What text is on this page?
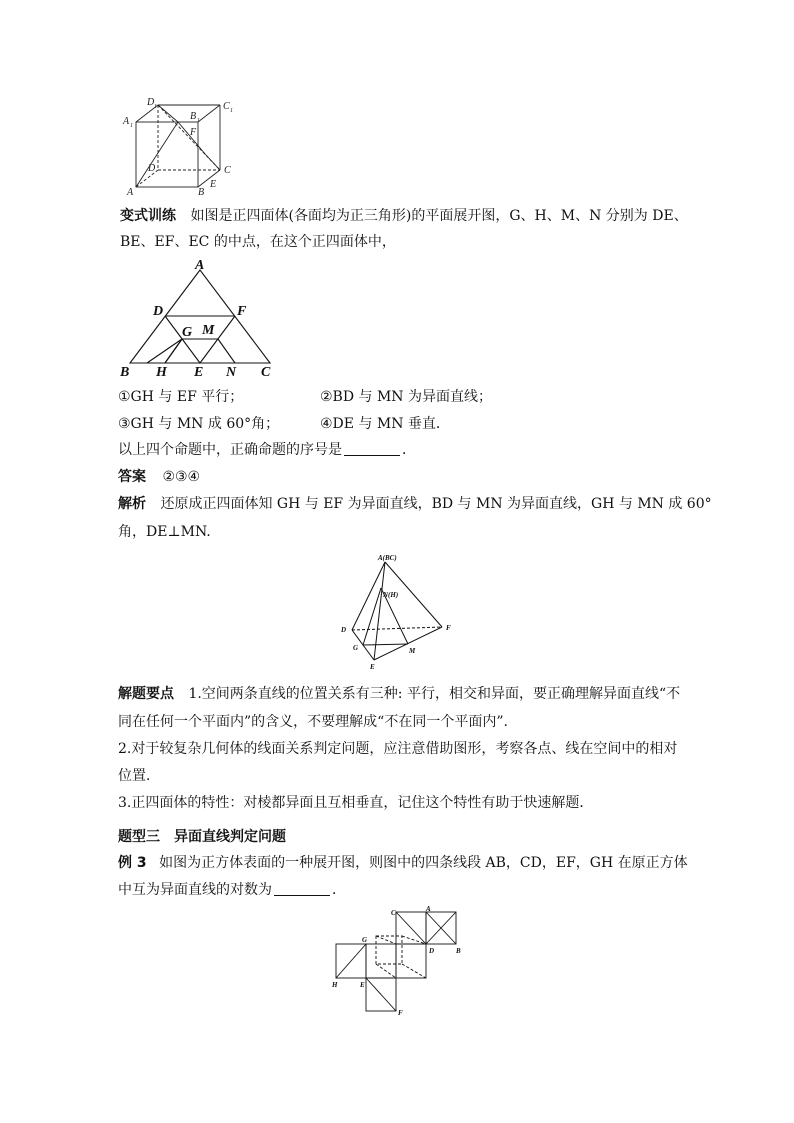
D 1	C 1
A 1
B 1
F
D	C
A	B
E
变式训练 如图是正四面体(各面均为正三角形)的平面展开图，G、H、M、N 分别为 DE、
BE、EF、EC 的中点，在这个正四面体中，
A
D	F
G M
B H E N C
①GH 与 EF 平行；	②BD 与 MN 为异面直线；
③GH 与 MN 成 60°角；	④DE 与 MN 垂直．
以上四个命题中，正确命题的序号是	．
答案 ②③④
解析 还原成正四面体知 GH 与 EF 为异面直线，BD 与 MN 为异面直线，GH 与 MN 成 60°
角，DE⊥MN.
A(BC)
N(H)
D	F
G	M
E
解题要点 1.空间两条直线的位置关系有三种: 平行，相交和异面，要正确理解异面直线“不
同在任何一个平面内”的含义，不要理解成“不在同一个平面内”.
2.对于较复杂几何体的线面关系判定问题，应注意借助图形，考察各点、线在空间中的相对
位置．
3.正四面体的特性：对棱都异面且互相垂直，记住这个特性有助于快速解题．
题型三　异面直线判定问题
例 3 如图为正方体表面的一种展开图，则图中的四条线段 AB，CD，EF，GH 在原正方体
中互为异面直线的对数为	．
C	A
G
D	B
H	E
F
